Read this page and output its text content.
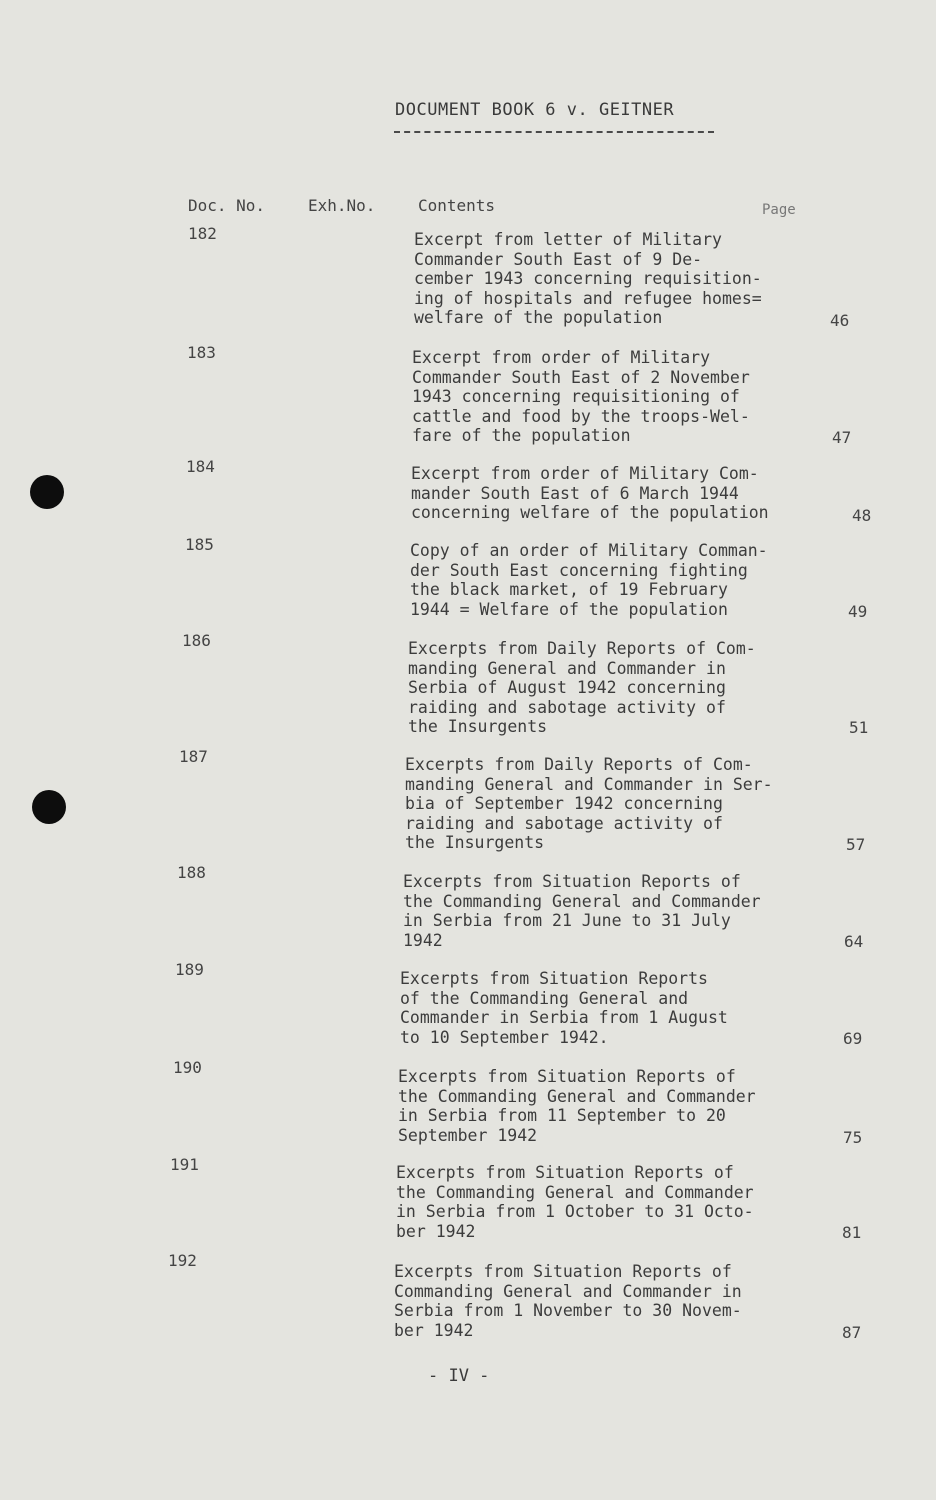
DOCUMENT BOOK 6 v. GEITNER
Doc. No.	Exh.No.	Contents	Page
182	Excerpt from letter of Military
Commander South East of 9 De-
cember 1943 concerning requisition-
ing of hospitals and refugee homes=
welfare of the population	46
183	Excerpt from order of Military
Commander South East of 2 November
1943 concerning requisitioning of
cattle and food by the troops-Wel-
fare of the population	47
184	Excerpt from order of Military Com-
mander South East of 6 March 1944
concerning welfare of the population	48
185	Copy of an order of Military Comman-
der South East concerning fighting
the black market, of 19 February
1944 = Welfare of the population	49
186	Excerpts from Daily Reports of Com-
manding General and Commander in
Serbia of August 1942 concerning
raiding and sabotage activity of
the Insurgents	51
187	Excerpts from Daily Reports of Com-
manding General and Commander in Ser-
bia of September 1942 concerning
raiding and sabotage activity of
the Insurgents	57
188	Excerpts from Situation Reports of
the Commanding General and Commander
in Serbia from 21 June to 31 July
1942	64
189	Excerpts from Situation Reports
of the Commanding General and
Commander in Serbia from 1 August
to 10 September 1942.	69
190	Excerpts from Situation Reports of
the Commanding General and Commander
in Serbia from 11 September to 20
September 1942	75
191	Excerpts from Situation Reports of
the Commanding General and Commander
in Serbia from 1 October to 31 Octo-
ber 1942	81
192
Excerpts from Situation Reports of
Commanding General and Commander in
Serbia from 1 November to 30 Novem-
ber 1942	87
- IV -
